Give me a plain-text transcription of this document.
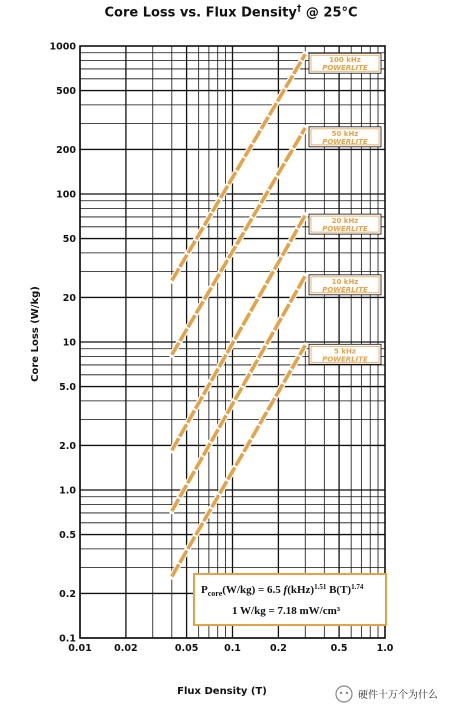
Core Loss vs. Flux Density† @ 25°C
0.01 0.02	0.05	0.1	0.2	0.5	1.0
1000
500
200
100
50
20
10
5.0
2.0
1.0
0.5
0.2
0.1
100 kHz
POWERLITE
50 kHz
POWERLITE
20 kHz
POWERLITE
10 kHz
POWERLITE
5 kHz
POWERLITE
Flux Density (T)
Core Loss (W/kg)
$P_{core}(W/kg) = 6.5$ f(kHz)$^{1.51}$ $B(T)^{1.74}$
1 W/kg = 7.18 mW/cm³
硬件十万个为什么
